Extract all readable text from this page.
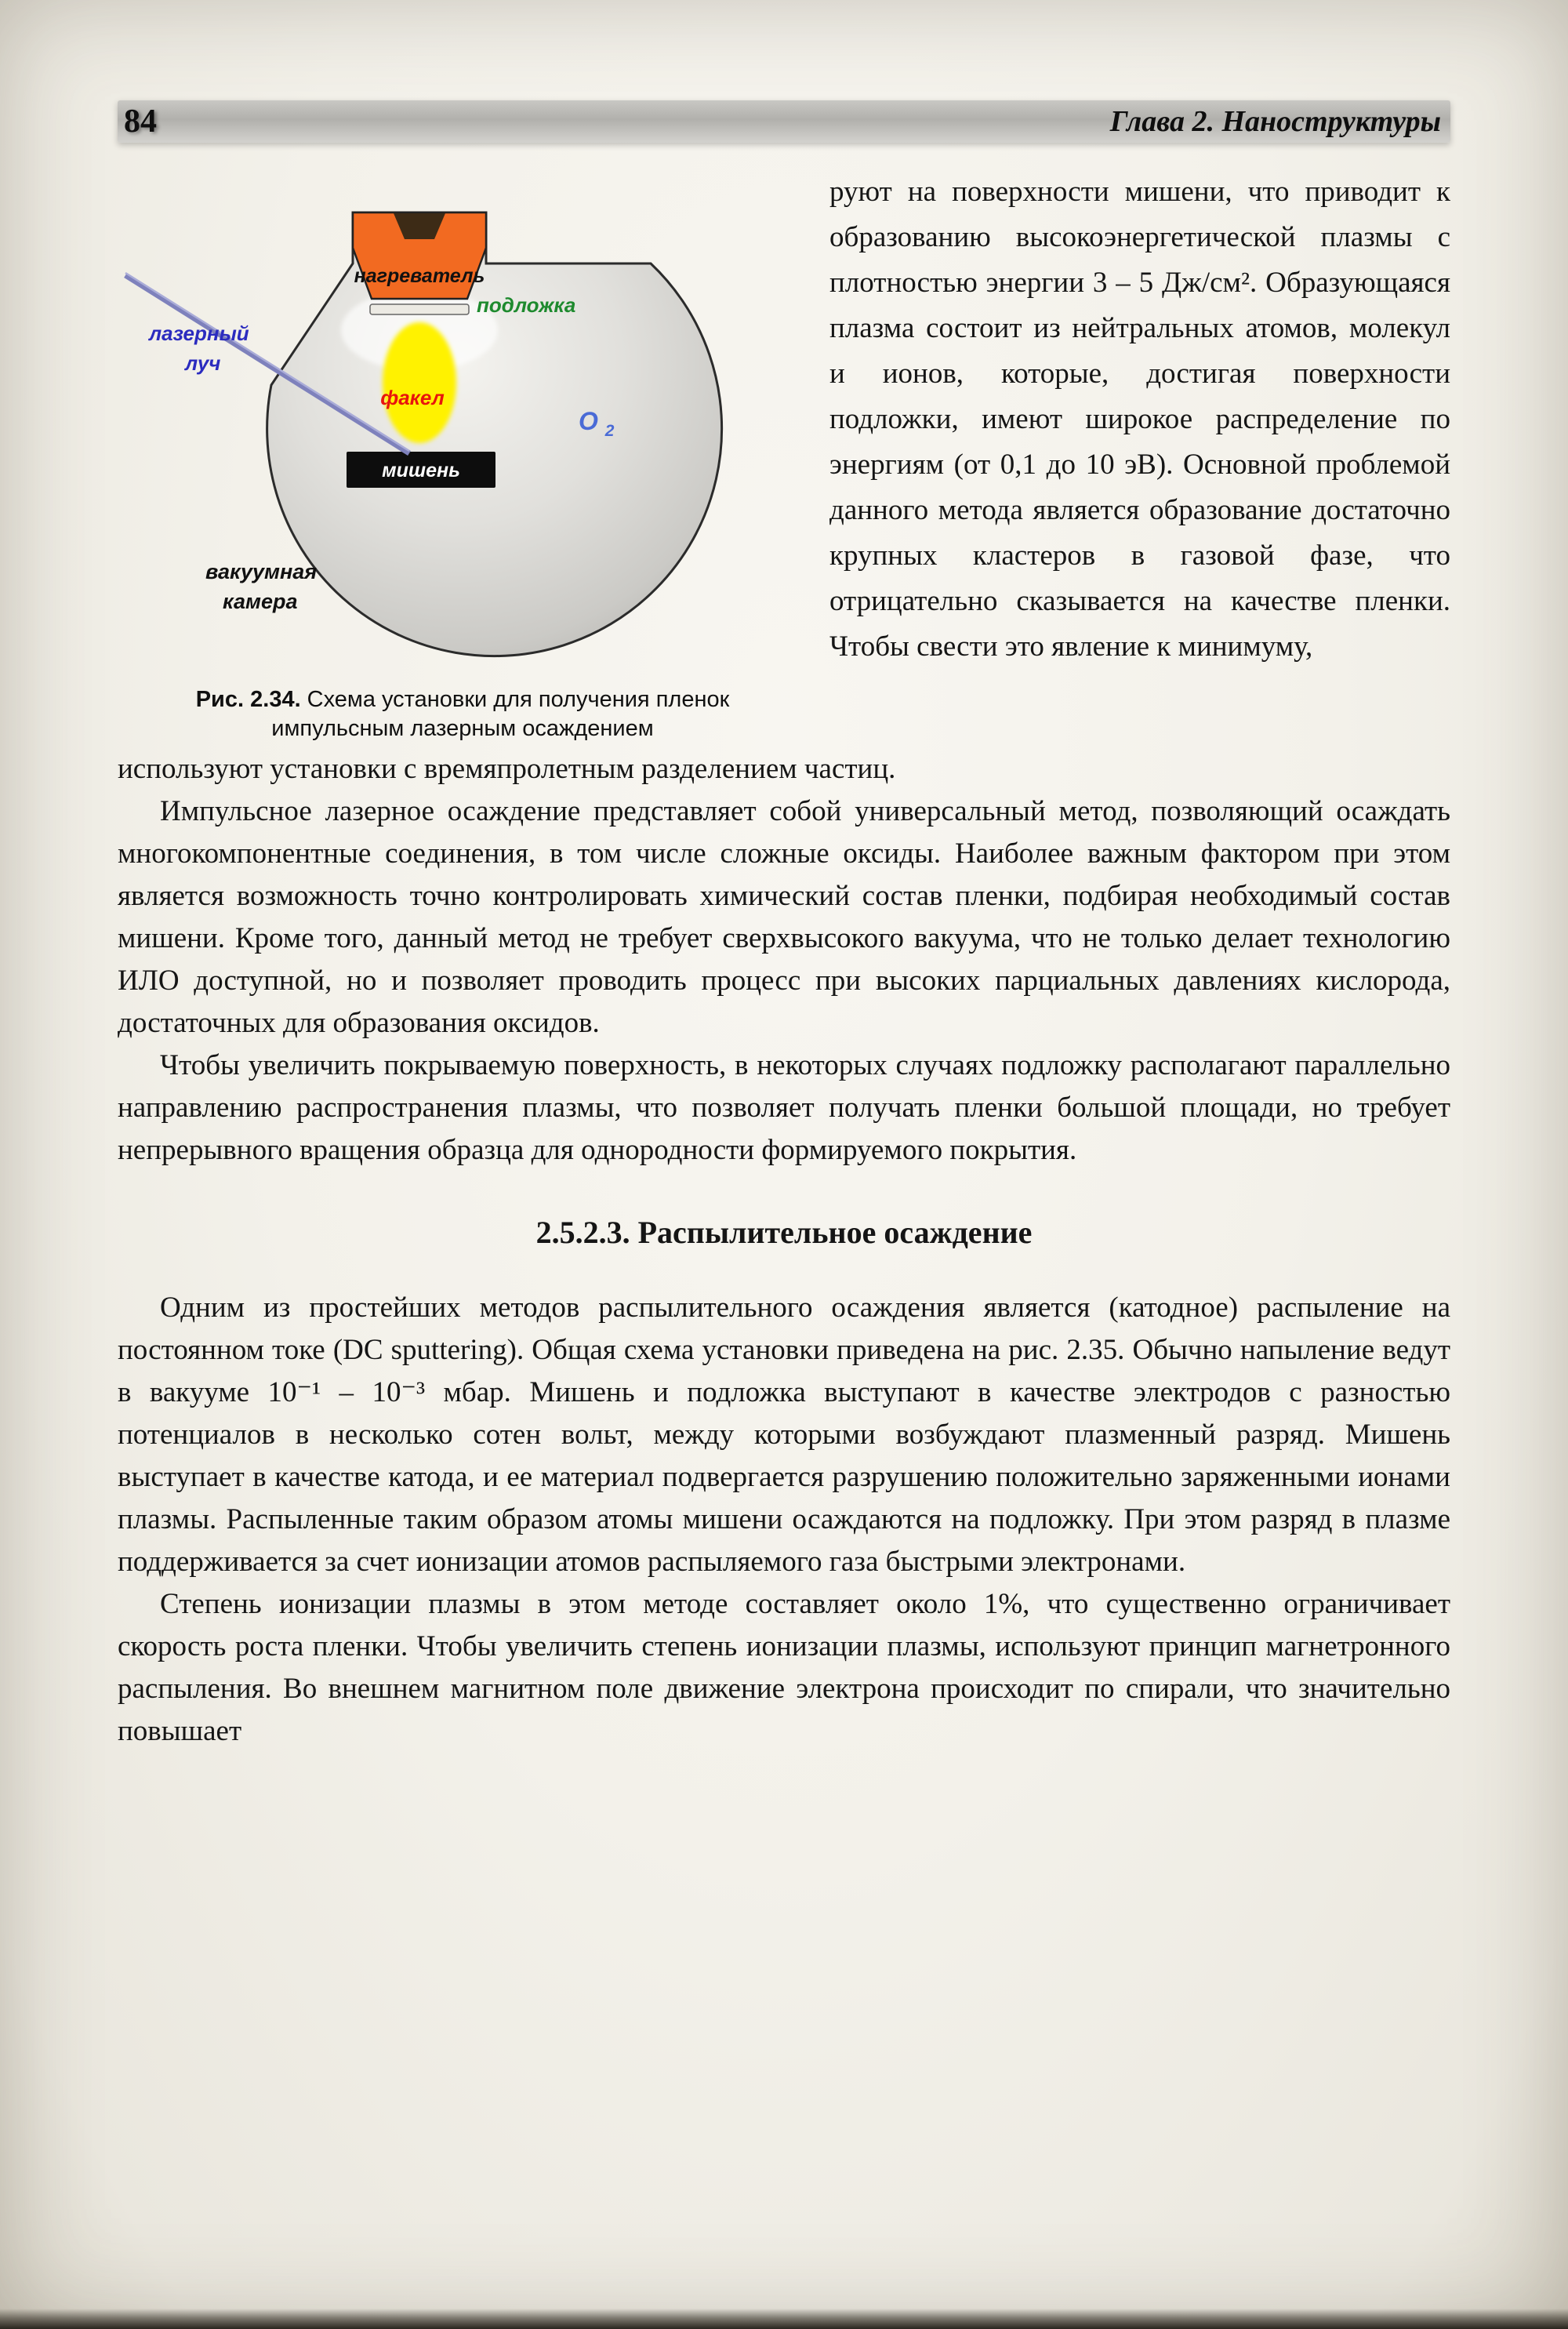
84	Глава 2. Наноструктуры
нагреватель
подложка
факел
мишень
лазерный
луч
O $_2$
вакуумная
камера
Рис. 2.34. Схема установки для получения пленок импульсным лазерным осаждением

руют на поверхности мишени, что приводит к образованию высокоэнергетической плазмы с плотностью энергии 3 – 5 Дж/см². Образующаяся плазма состоит из нейтральных атомов, молекул и ионов, которые, достигая поверхности подложки, имеют широкое распределение по энергиям (от 0,1 до 10 эВ). Основной проблемой данного метода является образование достаточно крупных кластеров в газовой фазе, что отрицательно сказывается на качестве пленки. Чтобы свести это явление к минимуму,

используют установки с времяпролетным разделением частиц.

Импульсное лазерное осаждение представляет собой универсальный метод, позволяющий осаждать многокомпонентные соединения, в том числе сложные оксиды. Наиболее важным фактором при этом является возможность точно контролировать химический состав пленки, подбирая необходимый состав мишени. Кроме того, данный метод не требует сверхвысокого вакуума, что не только делает технологию ИЛО доступной, но и позволяет проводить процесс при высоких парциальных давлениях кислорода, достаточных для образования оксидов.

Чтобы увеличить покрываемую поверхность, в некоторых случаях подложку располагают параллельно направлению распространения плазмы, что позволяет получать пленки большой площади, но требует непрерывного вращения образца для однородности формируемого покрытия.

2.5.2.3. Распылительное осаждение

Одним из простейших методов распылительного осаждения является (катодное) распыление на постоянном токе (DC sputtering). Общая схема установки приведена на рис. 2.35. Обычно напыление ведут в вакууме 10⁻¹ – 10⁻³ мбар. Мишень и подложка выступают в качестве электродов с разностью потенциалов в несколько сотен вольт, между которыми возбуждают плазменный разряд. Мишень выступает в качестве катода, и ее материал подвергается разрушению положительно заряженными ионами плазмы. Распыленные таким образом атомы мишени осаждаются на подложку. При этом разряд в плазме поддерживается за счет ионизации атомов распыляемого газа быстрыми электронами.

Степень ионизации плазмы в этом методе составляет около 1%, что существенно ограничивает скорость роста пленки. Чтобы увеличить степень ионизации плазмы, используют принцип магнетронного распыления. Во внешнем магнитном поле движение электрона происходит по спирали, что значительно повышает
